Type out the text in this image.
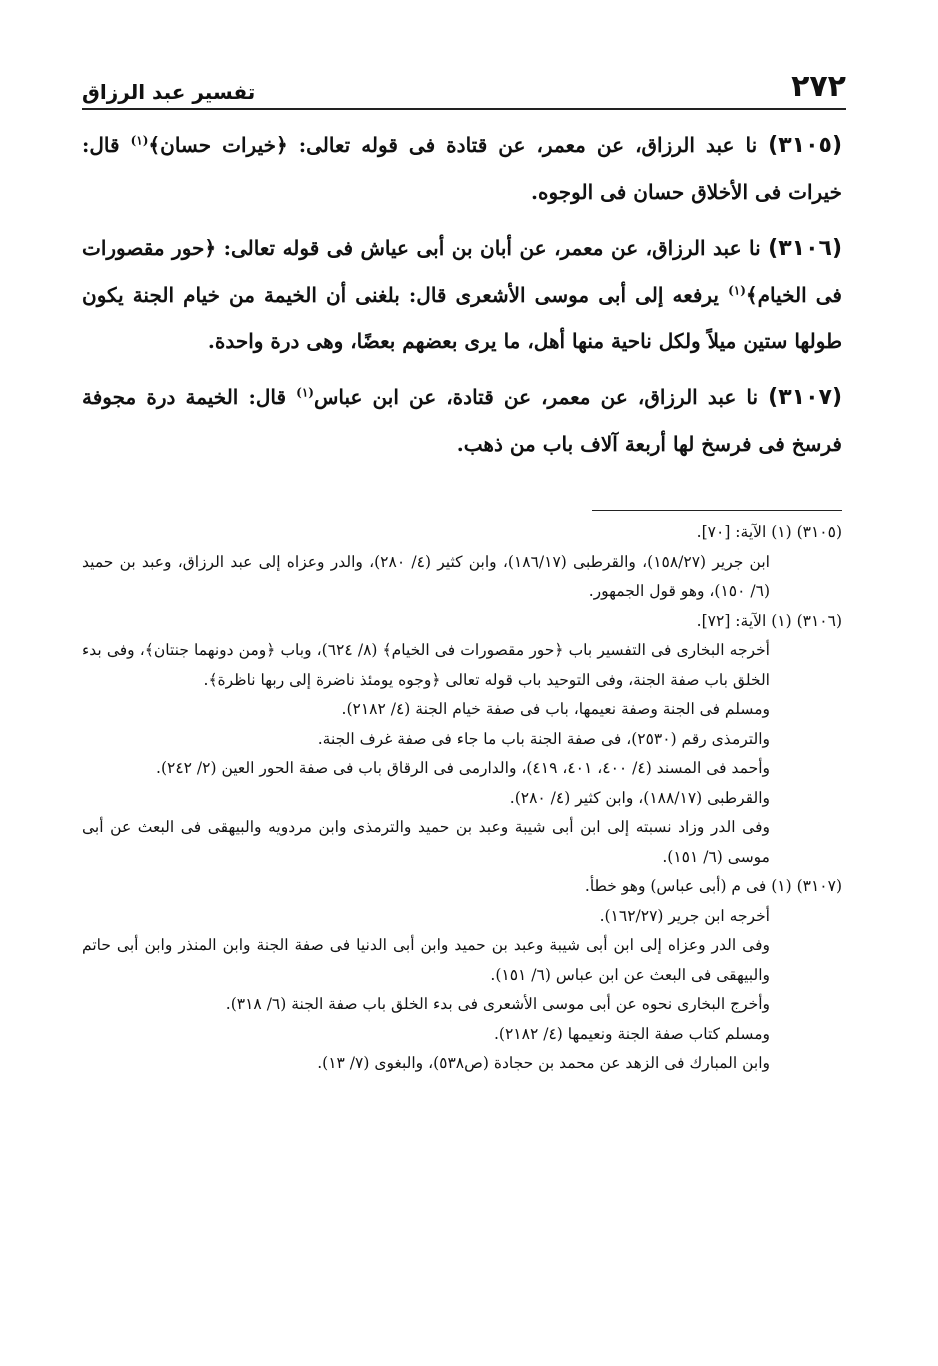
٢٧٢
تفسير عبد الرزاق

(٣١٠٥) نا عبد الرزاق، عن معمر، عن قتادة فى قوله تعالى: ﴿خيرات حسان﴾$^{(١)}$ قال: خيرات فى الأخلاق حسان فى الوجوه.

(٣١٠٦) نا عبد الرزاق، عن معمر، عن أبان بن أبى عياش فى قوله تعالى: ﴿حور مقصورات فى الخيام﴾$^{(١)}$ يرفعه إلى أبى موسى الأشعرى قال: بلغنى أن الخيمة من خيام الجنة يكون طولها ستين ميلاً ولكل ناحية منها أهل، ما يرى بعضهم بعضًا، وهى درة واحدة.

(٣١٠٧) نا عبد الرزاق، عن معمر، عن قتادة، عن ابن عباس$^{(١)}$ قال: الخيمة درة مجوفة فرسخ فى فرسخ لها أربعة آلاف باب من ذهب.

(٣١٠٥) (١) الآية: [٧٠].

ابن جرير (١٥٨/٢٧)، والقرطبى (١٨٦/١٧)، وابن كثير (٤/ ٢٨٠)، والدر وعزاه إلى عبد الرزاق، وعبد بن حميد (٦/ ١٥٠)، وهو قول الجمهور.

(٣١٠٦) (١) الآية: [٧٢].

أخرجه البخارى فى التفسير باب ﴿حور مقصورات فى الخيام﴾ (٨/ ٦٢٤)، وباب ﴿ومن دونهما جنتان﴾، وفى بدء الخلق باب صفة الجنة، وفى التوحيد باب قوله تعالى ﴿وجوه يومئذ ناضرة إلى ربها ناظرة﴾.

ومسلم فى الجنة وصفة نعيمها، باب فى صفة خيام الجنة (٤/ ٢١٨٢).

والترمذى رقم (٢٥٣٠)، فى صفة الجنة باب ما جاء فى صفة غرف الجنة.

وأحمد فى المسند (٤/ ٤٠٠، ٤٠١، ٤١٩)، والدارمى فى الرقاق باب فى صفة الحور العين (٢/ ٢٤٢).

والقرطبى (١٨٨/١٧)، وابن كثير (٤/ ٢٨٠).

وفى الدر وزاد نسبته إلى ابن أبى شيبة وعبد بن حميد والترمذى وابن مردويه والبيهقى فى البعث عن أبى موسى (٦/ ١٥١).

(٣١٠٧) (١) فى م (أبى عباس) وهو خطأ.

أخرجه ابن جرير (١٦٢/٢٧).

وفى الدر وعزاه إلى ابن أبى شيبة وعبد بن حميد وابن أبى الدنيا فى صفة الجنة وابن المنذر وابن أبى حاتم والبيهقى فى البعث عن ابن عباس (٦/ ١٥١).

وأخرج البخارى نحوه عن أبى موسى الأشعرى فى بدء الخلق باب صفة الجنة (٦/ ٣١٨).

ومسلم كتاب صفة الجنة ونعيمها (٤/ ٢١٨٢).

وابن المبارك فى الزهد عن محمد بن حجادة (ص٥٣٨)، والبغوى (٧/ ١٣).
